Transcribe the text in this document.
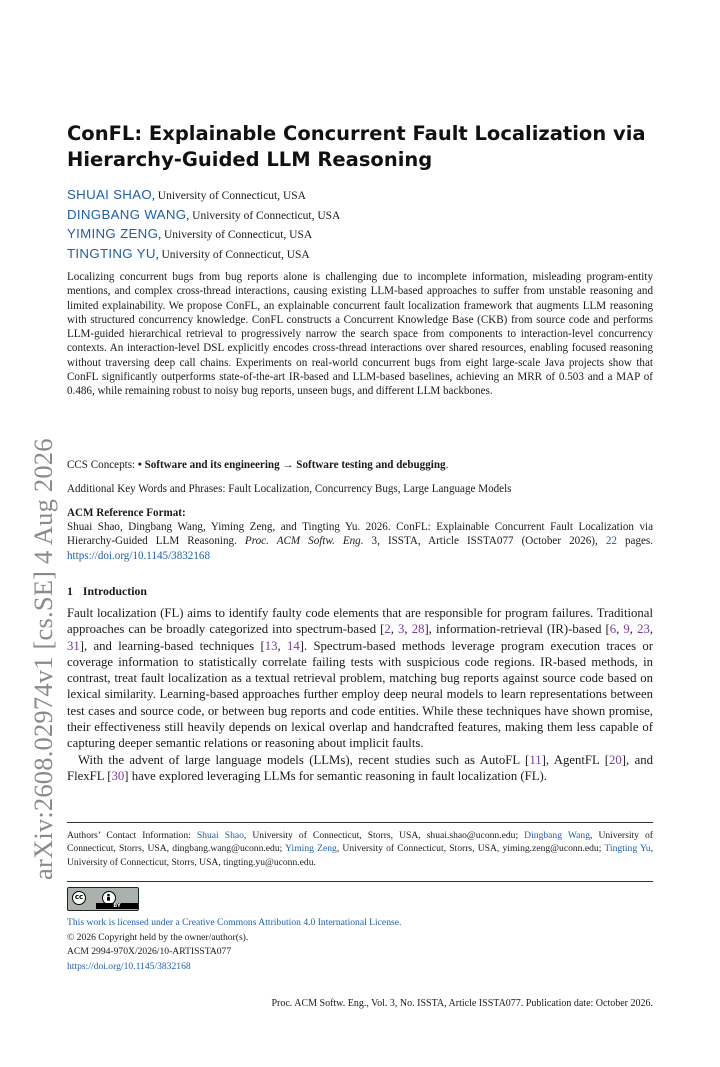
arXiv:2608.02974v1 [cs.SE] 4 Aug 2026
ConFL: Explainable Concurrent Fault Localization via
Hierarchy-Guided LLM Reasoning
SHUAI SHAO, University of Connecticut, USA
DINGBANG WANG, University of Connecticut, USA
YIMING ZENG, University of Connecticut, USA
TINGTING YU, University of Connecticut, USA
Localizing concurrent bugs from bug reports alone is challenging due to incomplete information, misleading program-entity mentions, and complex cross-thread interactions, causing existing LLM-based approaches to suffer from unstable reasoning and limited explainability. We propose ConFL, an explainable concurrent fault localization framework that augments LLM reasoning with structured concurrency knowledge. ConFL constructs a Concurrent Knowledge Base (CKB) from source code and performs LLM-guided hierarchical retrieval to progressively narrow the search space from components to interaction-level concurrency contexts. An interaction-level DSL explicitly encodes cross-thread interactions over shared resources, enabling focused reasoning without traversing deep call chains. Experiments on real-world concurrent bugs from eight large-scale Java projects show that ConFL significantly outperforms state-of-the-art IR-based and LLM-based baselines, achieving an MRR of 0.503 and a MAP of 0.486, while remaining robust to noisy bug reports, unseen bugs, and different LLM backbones.
CCS Concepts: • Software and its engineering → Software testing and debugging.
Additional Key Words and Phrases: Fault Localization, Concurrency Bugs, Large Language Models
ACM Reference Format:
Shuai Shao, Dingbang Wang, Yiming Zeng, and Tingting Yu. 2026. ConFL: Explainable Concurrent Fault Localization via Hierarchy-Guided LLM Reasoning. Proc. ACM Softw. Eng. 3, ISSTA, Article ISSTA077 (October 2026), 22 pages. https://doi.org/10.1145/3832168
1 Introduction

Fault localization (FL) aims to identify faulty code elements that are responsible for program failures. Traditional approaches can be broadly categorized into spectrum-based [2, 3, 28], information-retrieval (IR)-based [6, 9, 23, 31], and learning-based techniques [13, 14]. Spectrum-based methods leverage program execution traces or coverage information to statistically correlate failing tests with suspicious code regions. IR-based methods, in contrast, treat fault localization as a textual retrieval problem, matching bug reports against source code based on lexical similarity. Learning-based approaches further employ deep neural models to learn representations between test cases and source code, or between bug reports and code entities. While these techniques have shown promise, their effectiveness still heavily depends on lexical overlap and handcrafted features, making them less capable of capturing deeper semantic relations or reasoning about implicit faults.

With the advent of large language models (LLMs), recent studies such as AutoFL [11], AgentFL [20], and FlexFL [30] have explored leveraging LLMs for semantic reasoning in fault localization (FL).

Authors’ Contact Information: Shuai Shao, University of Connecticut, Storrs, USA, shuai.shao@uconn.edu; Dingbang Wang, University of Connecticut, Storrs, USA, dingbang.wang@uconn.edu; Yiming Zeng, University of Connecticut, Storrs, USA, yiming.zeng@uconn.edu; Tingting Yu, University of Connecticut, Storrs, USA, tingting.yu@uconn.edu.
cc
BY
This work is licensed under a Creative Commons Attribution 4.0 International License.
© 2026 Copyright held by the owner/author(s).
ACM 2994-970X/2026/10-ARTISSTA077
https://doi.org/10.1145/3832168
Proc. ACM Softw. Eng., Vol. 3, No. ISSTA, Article ISSTA077. Publication date: October 2026.
